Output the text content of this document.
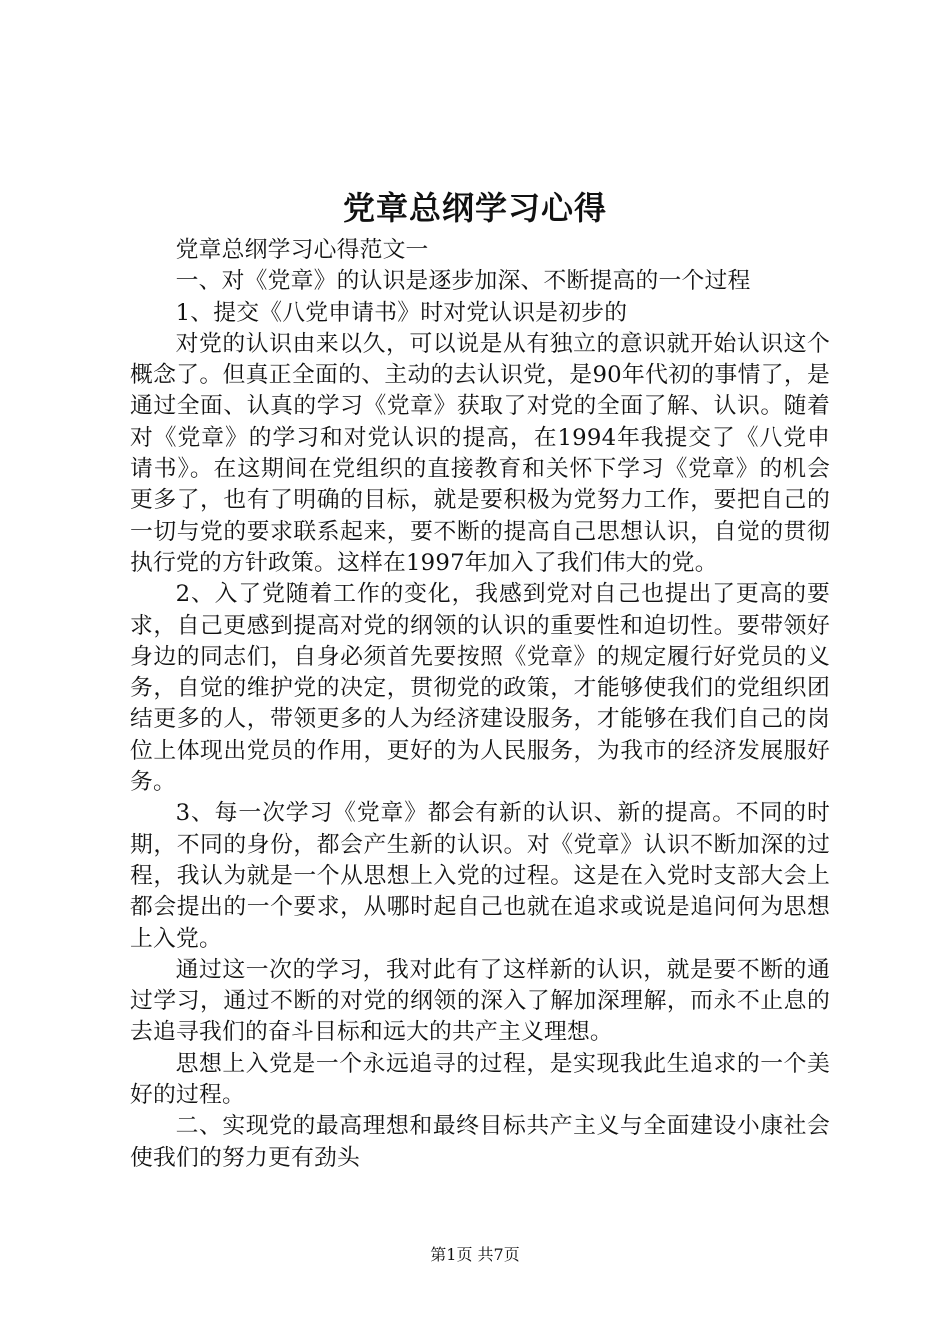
党章总纲学习心得

党章总纲学习心得范文一

一、对《党章》的认识是逐步加深、不断提高的一个过程

1、提交《八党申请书》时对党认识是初步的

对党的认识由来以久，可以说是从有独立的意识就开始认识这个概念了。但真正全面的、主动的去认识党，是90年代初的事情了，是通过全面、认真的学习《党章》获取了对党的全面了解、认识。随着对《党章》的学习和对党认识的提高，在1994年我提交了《八党申请书》。在这期间在党组织的直接教育和关怀下学习《党章》的机会更多了，也有了明确的目标，就是要积极为党努力工作，要把自己的一切与党的要求联系起来，要不断的提高自己思想认识，自觉的贯彻执行党的方针政策。这样在1997年加入了我们伟大的党。

2、入了党随着工作的变化，我感到党对自己也提出了更高的要求，自己更感到提高对党的纲领的认识的重要性和迫切性。要带领好身边的同志们，自身必须首先要按照《党章》的规定履行好党员的义务，自觉的维护党的决定，贯彻党的政策，才能够使我们的党组织团结更多的人，带领更多的人为经济建设服务，才能够在我们自己的岗位上体现出党员的作用，更好的为人民服务，为我市的经济发展服好务。

3、每一次学习《党章》都会有新的认识、新的提高。不同的时期，不同的身份，都会产生新的认识。对《党章》认识不断加深的过程，我认为就是一个从思想上入党的过程。这是在入党时支部大会上都会提出的一个要求，从哪时起自己也就在追求或说是追问何为思想上入党。

通过这一次的学习，我对此有了这样新的认识，就是要不断的通过学习，通过不断的对党的纲领的深入了解加深理解，而永不止息的去追寻我们的奋斗目标和远大的共产主义理想。

思想上入党是一个永远追寻的过程，是实现我此生追求的一个美好的过程。

二、实现党的最高理想和最终目标共产主义与全面建设小康社会使我们的努力更有劲头

第1页 共7页
